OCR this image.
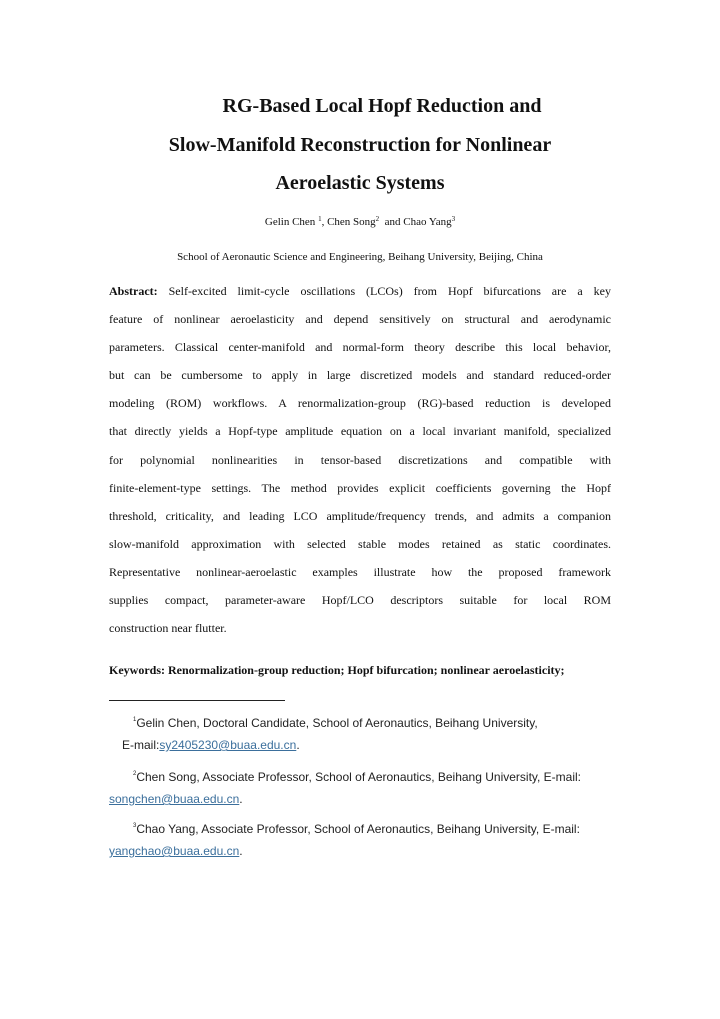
RG-Based Local Hopf Reduction and
Slow-Manifold Reconstruction for Nonlinear
Aeroelastic Systems
Gelin Chen $^1$, Chen Song$^2$ and Chao Yang$^3$
School of Aeronautic Science and Engineering, Beihang University, Beijing, China
Abstract: Self-excited limit-cycle oscillations (LCOs) from Hopf bifurcations are a key
feature of nonlinear aeroelasticity and depend sensitively on structural and aerodynamic
parameters. Classical center-manifold and normal-form theory describe this local behavior,
but can be cumbersome to apply in large discretized models and standard reduced-order
modeling (ROM) workflows. A renormalization-group (RG)-based reduction is developed
that directly yields a Hopf-type amplitude equation on a local invariant manifold, specialized
for polynomial nonlinearities in tensor-based discretizations and compatible with
finite-element-type settings. The method provides explicit coefficients governing the Hopf
threshold, criticality, and leading LCO amplitude/frequency trends, and admits a companion
slow-manifold approximation with selected stable modes retained as static coordinates.
Representative nonlinear-aeroelastic examples illustrate how the proposed framework
supplies compact, parameter-aware Hopf/LCO descriptors suitable for local ROM
construction near flutter.
Keywords: Renormalization-group reduction; Hopf bifurcation; nonlinear aeroelasticity;
$^1$Gelin Chen, Doctoral Candidate, School of Aeronautics, Beihang University,
E-mail:sy2405230@buaa.edu.cn.
$^2$Chen Song, Associate Professor, School of Aeronautics, Beihang University, E-mail:
songchen@buaa.edu.cn.
$^3$Chao Yang, Associate Professor, School of Aeronautics, Beihang University, E-mail:
yangchao@buaa.edu.cn.
